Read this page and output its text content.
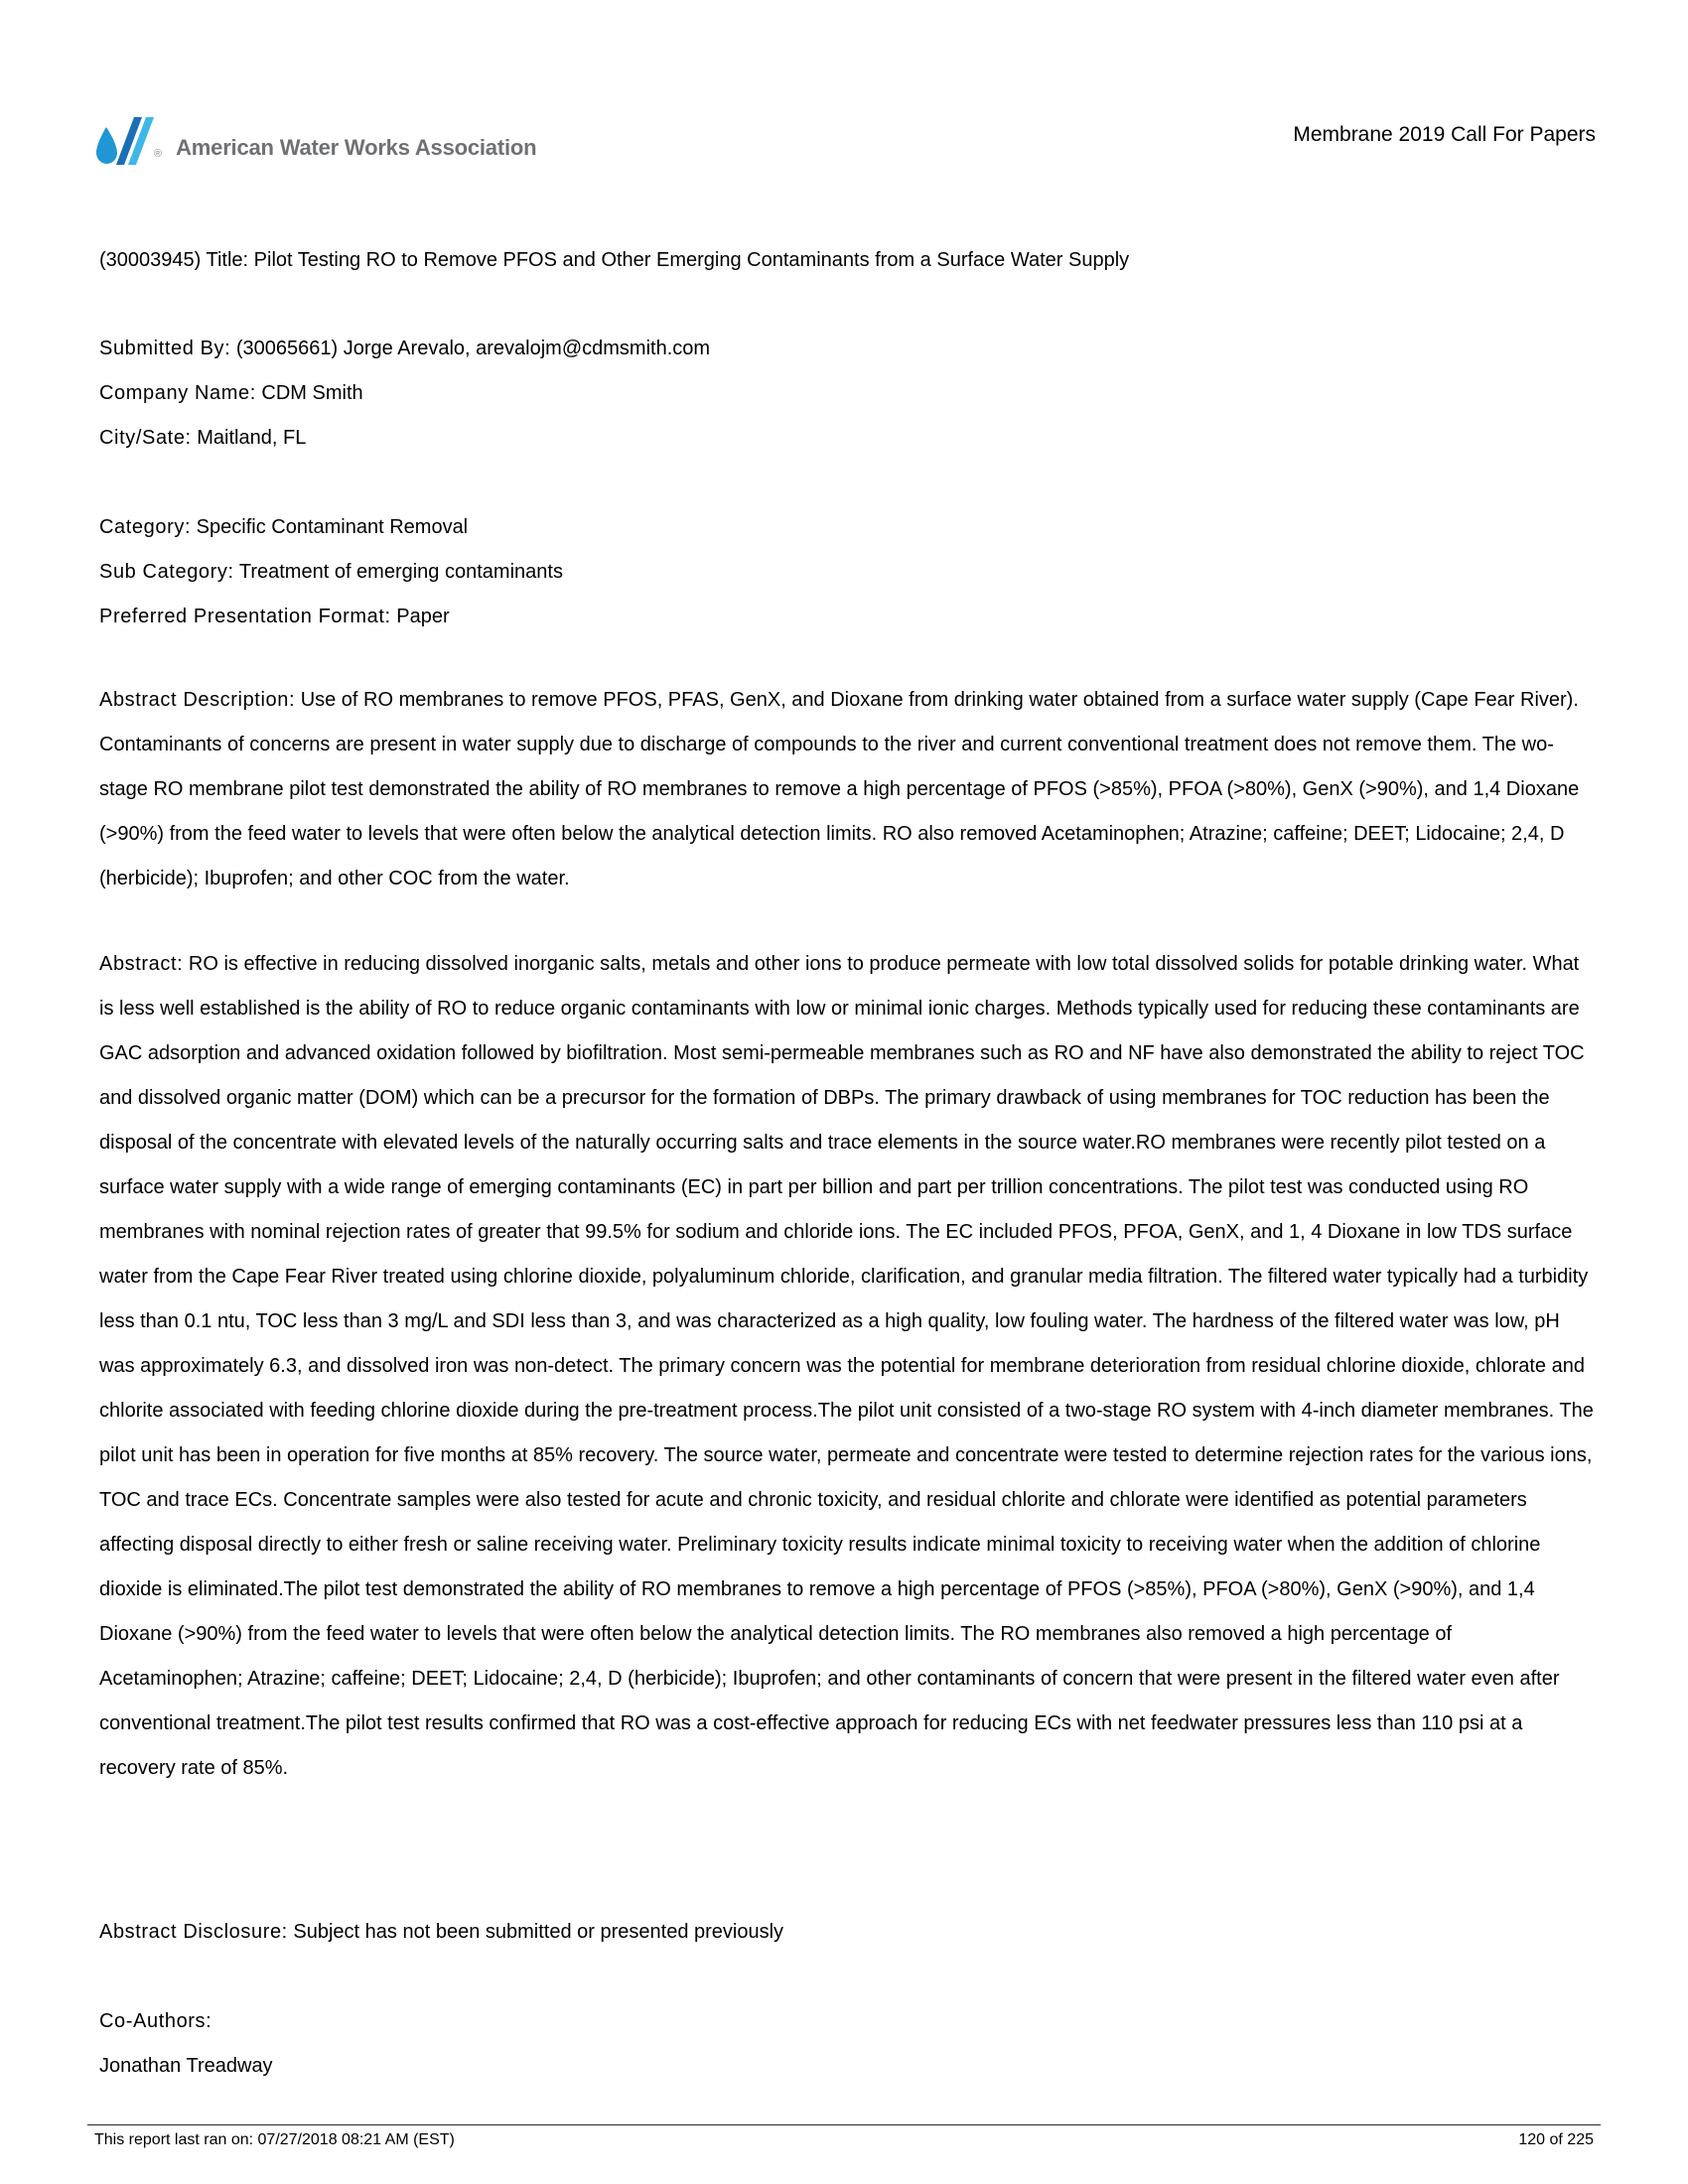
® American Water Works Association
Membrane 2019 Call For Papers
(30003945) Title: Pilot Testing RO to Remove PFOS and Other Emerging Contaminants from a Surface Water Supply
Submitted By: (30065661) Jorge Arevalo, arevalojm@cdmsmith.com
Company Name: CDM Smith
City/Sate: Maitland, FL
Category: Specific Contaminant Removal
Sub Category: Treatment of emerging contaminants
Preferred Presentation Format: Paper

Abstract Description: Use of RO membranes to remove PFOS, PFAS, GenX, and Dioxane from drinking water obtained from a surface water supply (Cape Fear River). Contaminants of concerns are present in water supply due to discharge of compounds to the river and current conventional treatment does not remove them. The wo-stage RO membrane pilot test demonstrated the ability of RO membranes to remove a high percentage of PFOS (>85%), PFOA (>80%), GenX (>90%), and 1,4 Dioxane (>90%) from the feed water to levels that were often below the analytical detection limits. RO also removed Acetaminophen; Atrazine; caffeine; DEET; Lidocaine; 2,4, D (herbicide); Ibuprofen; and other COC from the water.

Abstract: RO is effective in reducing dissolved inorganic salts, metals and other ions to produce permeate with low total dissolved solids for potable drinking water. What is less well established is the ability of RO to reduce organic contaminants with low or minimal ionic charges. Methods typically used for reducing these contaminants are GAC adsorption and advanced oxidation followed by biofiltration. Most semi-permeable membranes such as RO and NF have also demonstrated the ability to reject TOC and dissolved organic matter (DOM) which can be a precursor for the formation of DBPs. The primary drawback of using membranes for TOC reduction has been the disposal of the concentrate with elevated levels of the naturally occurring salts and trace elements in the source water.RO membranes were recently pilot tested on a surface water supply with a wide range of emerging contaminants (EC) in part per billion and part per trillion concentrations. The pilot test was conducted using RO membranes with nominal rejection rates of greater that 99.5% for sodium and chloride ions. The EC included PFOS, PFOA, GenX, and 1, 4 Dioxane in low TDS surface water from the Cape Fear River treated using chlorine dioxide, polyaluminum chloride, clarification, and granular media filtration. The filtered water typically had a turbidity less than 0.1 ntu, TOC less than 3 mg/L and SDI less than 3, and was characterized as a high quality, low fouling water. The hardness of the filtered water was low, pH was approximately 6.3, and dissolved iron was non-detect. The primary concern was the potential for membrane deterioration from residual chlorine dioxide, chlorate and chlorite associated with feeding chlorine dioxide during the pre-treatment process.The pilot unit consisted of a two-stage RO system with 4-inch diameter membranes. The pilot unit has been in operation for five months at 85% recovery. The source water, permeate and concentrate were tested to determine rejection rates for the various ions, TOC and trace ECs. Concentrate samples were also tested for acute and chronic toxicity, and residual chlorite and chlorate were identified as potential parameters affecting disposal directly to either fresh or saline receiving water. Preliminary toxicity results indicate minimal toxicity to receiving water when the addition of chlorine dioxide is eliminated.The pilot test demonstrated the ability of RO membranes to remove a high percentage of PFOS (>85%), PFOA (>80%), GenX (>90%), and 1,4 Dioxane (>90%) from the feed water to levels that were often below the analytical detection limits. The RO membranes also removed a high percentage of Acetaminophen; Atrazine; caffeine; DEET; Lidocaine; 2,4, D (herbicide); Ibuprofen; and other contaminants of concern that were present in the filtered water even after conventional treatment.The pilot test results confirmed that RO was a cost-effective approach for reducing ECs with net feedwater pressures less than 110 psi at a recovery rate of 85%.

Abstract Disclosure: Subject has not been submitted or presented previously
Co-Authors:
Jonathan Treadway
This report last ran on: 07/27/2018 08:21 AM (EST)	120 of 225
